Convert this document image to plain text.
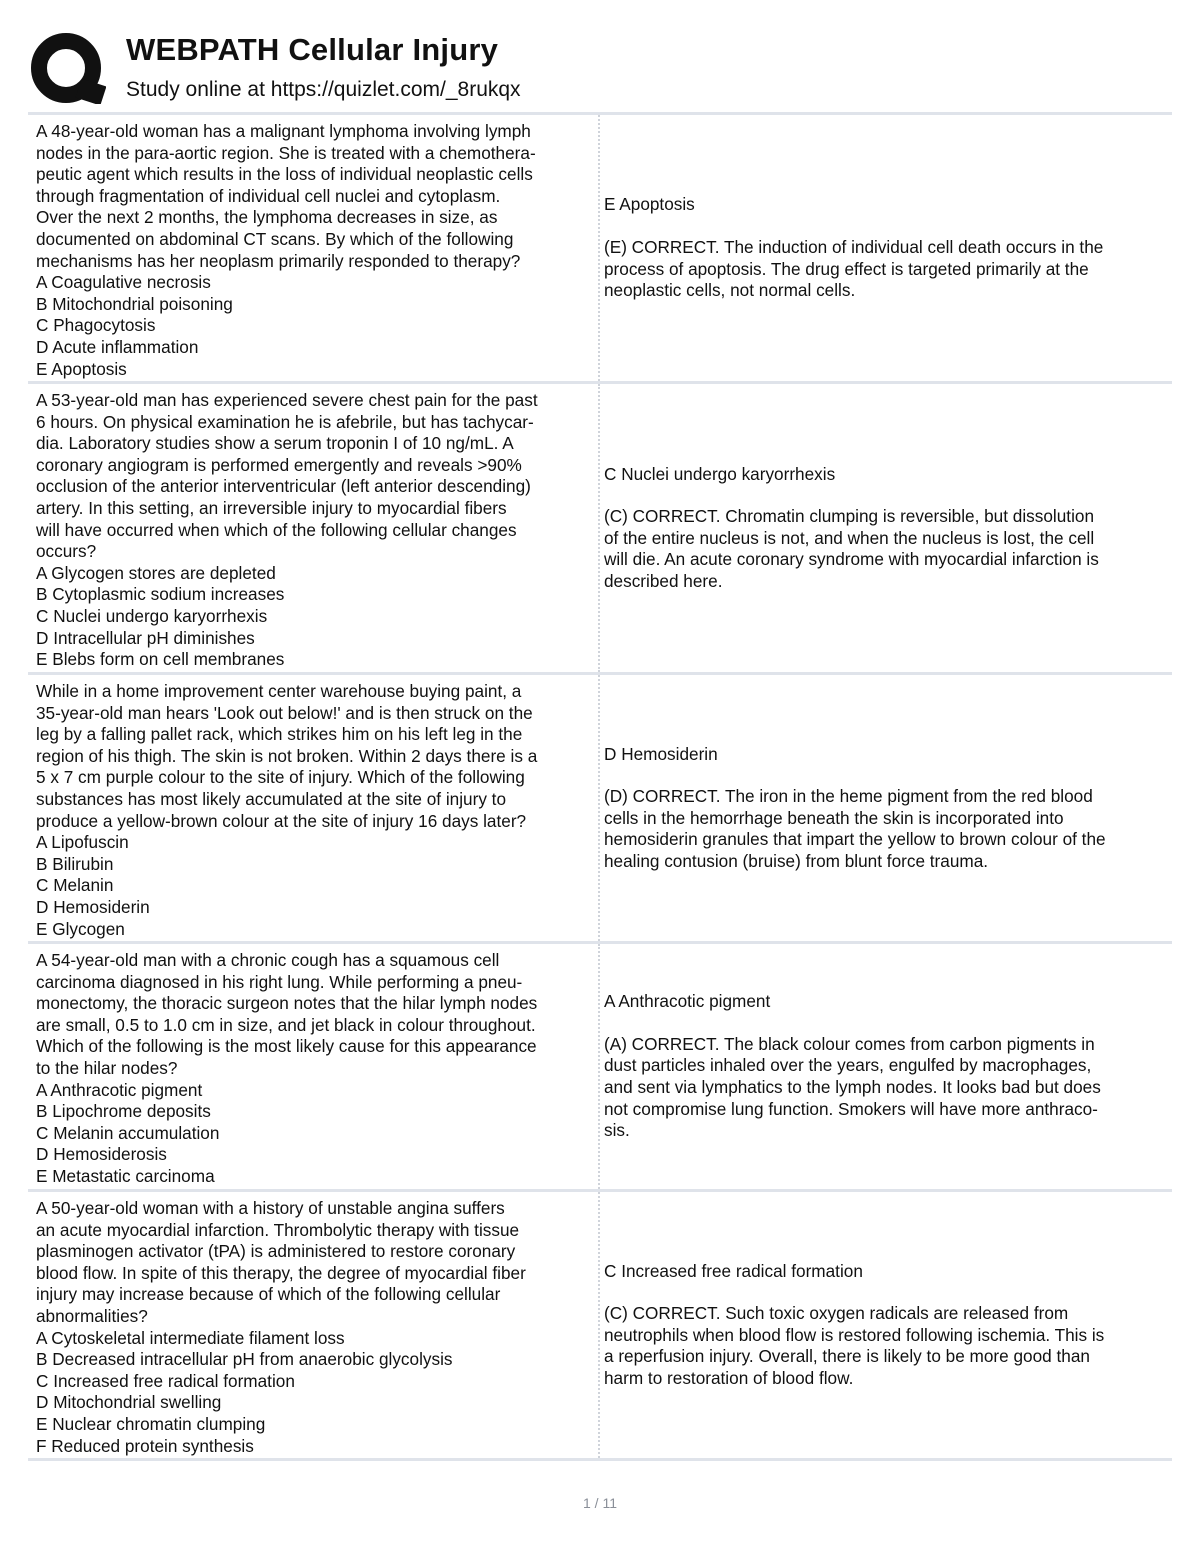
WEBPATH Cellular Injury
Study online at https://quizlet.com/_8rukqx
A 48-year-old woman has a malignant lymphoma involving lymph
nodes in the para-aortic region. She is treated with a chemothera-
peutic agent which results in the loss of individual neoplastic cells
through fragmentation of individual cell nuclei and cytoplasm.
Over the next 2 months, the lymphoma decreases in size, as
documented on abdominal CT scans. By which of the following
mechanisms has her neoplasm primarily responded to therapy?
A Coagulative necrosis
B Mitochondrial poisoning
C Phagocytosis
D Acute inflammation
E Apoptosis
E Apoptosis
(E) CORRECT. The induction of individual cell death occurs in the
process of apoptosis. The drug effect is targeted primarily at the
neoplastic cells, not normal cells.
A 53-year-old man has experienced severe chest pain for the past
6 hours. On physical examination he is afebrile, but has tachycar-
dia. Laboratory studies show a serum troponin I of 10 ng/mL. A
coronary angiogram is performed emergently and reveals >90%
occlusion of the anterior interventricular (left anterior descending)
artery. In this setting, an irreversible injury to myocardial fibers
will have occurred when which of the following cellular changes
occurs?
A Glycogen stores are depleted
B Cytoplasmic sodium increases
C Nuclei undergo karyorrhexis
D Intracellular pH diminishes
E Blebs form on cell membranes
C Nuclei undergo karyorrhexis
(C) CORRECT. Chromatin clumping is reversible, but dissolution
of the entire nucleus is not, and when the nucleus is lost, the cell
will die. An acute coronary syndrome with myocardial infarction is
described here.
While in a home improvement center warehouse buying paint, a
35-year-old man hears 'Look out below!' and is then struck on the
leg by a falling pallet rack, which strikes him on his left leg in the
region of his thigh. The skin is not broken. Within 2 days there is a
5 x 7 cm purple colour to the site of injury. Which of the following
substances has most likely accumulated at the site of injury to
produce a yellow-brown colour at the site of injury 16 days later?
A Lipofuscin
B Bilirubin
C Melanin
D Hemosiderin
E Glycogen
D Hemosiderin
(D) CORRECT. The iron in the heme pigment from the red blood
cells in the hemorrhage beneath the skin is incorporated into
hemosiderin granules that impart the yellow to brown colour of the
healing contusion (bruise) from blunt force trauma.
A 54-year-old man with a chronic cough has a squamous cell
carcinoma diagnosed in his right lung. While performing a pneu-
monectomy, the thoracic surgeon notes that the hilar lymph nodes
are small, 0.5 to 1.0 cm in size, and jet black in colour throughout.
Which of the following is the most likely cause for this appearance
to the hilar nodes?
A Anthracotic pigment
B Lipochrome deposits
C Melanin accumulation
D Hemosiderosis
E Metastatic carcinoma
A Anthracotic pigment
(A) CORRECT. The black colour comes from carbon pigments in
dust particles inhaled over the years, engulfed by macrophages,
and sent via lymphatics to the lymph nodes. It looks bad but does
not compromise lung function. Smokers will have more anthraco-
sis.
A 50-year-old woman with a history of unstable angina suffers
an acute myocardial infarction. Thrombolytic therapy with tissue
plasminogen activator (tPA) is administered to restore coronary
blood flow. In spite of this therapy, the degree of myocardial fiber
injury may increase because of which of the following cellular
abnormalities?
A Cytoskeletal intermediate filament loss
B Decreased intracellular pH from anaerobic glycolysis
C Increased free radical formation
D Mitochondrial swelling
E Nuclear chromatin clumping
F Reduced protein synthesis
C Increased free radical formation
(C) CORRECT. Such toxic oxygen radicals are released from
neutrophils when blood flow is restored following ischemia. This is
a reperfusion injury. Overall, there is likely to be more good than
harm to restoration of blood flow.
1 / 11
